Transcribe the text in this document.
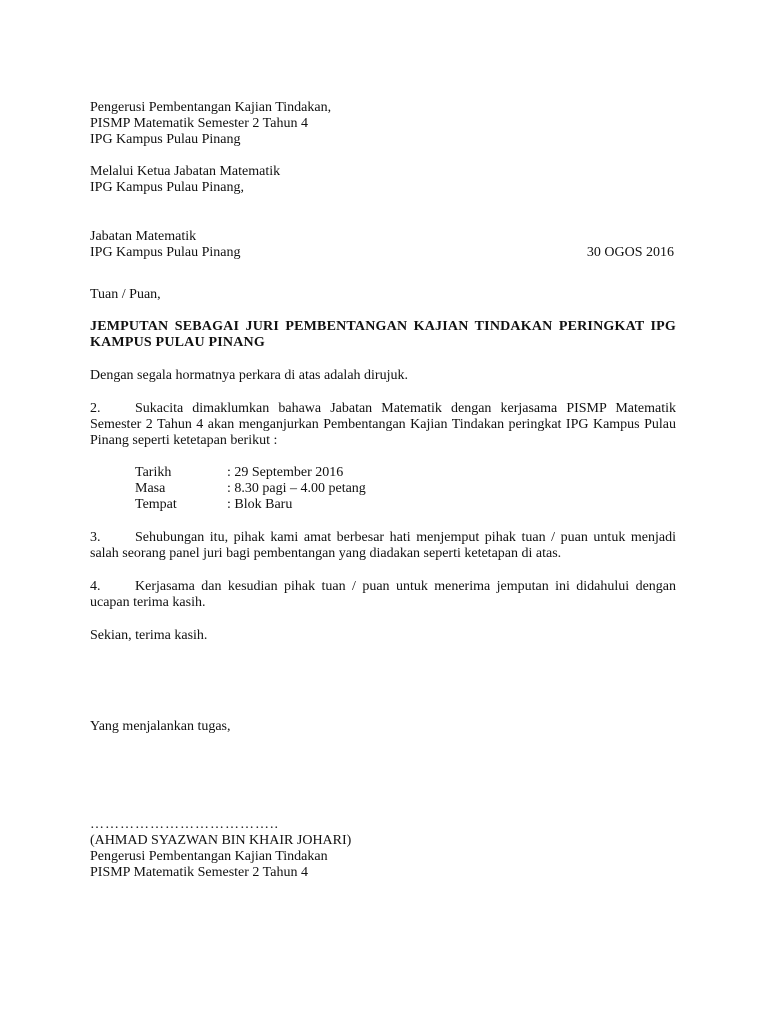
Pengerusi Pembentangan Kajian Tindakan,
PISMP Matematik Semester 2 Tahun 4
IPG Kampus Pulau Pinang
Melalui Ketua Jabatan Matematik
IPG Kampus Pulau Pinang,
Jabatan Matematik
IPG Kampus Pulau Pinang	30 OGOS 2016
Tuan / Puan,

JEMPUTAN SEBAGAI JURI PEMBENTANGAN KAJIAN TINDAKAN PERINGKAT IPG KAMPUS PULAU PINANG

Dengan segala hormatnya perkara di atas adalah dirujuk.

2. Sukacita dimaklumkan bahawa Jabatan Matematik dengan kerjasama PISMP Matematik Semester 2 Tahun 4 akan menganjurkan Pembentangan Kajian Tindakan peringkat IPG Kampus Pulau Pinang seperti ketetapan berikut :

Tarikh	: 29 September 2016
Masa	: 8.30 pagi – 4.00 petang
Tempat	: Blok Baru

3. Sehubungan itu, pihak kami amat berbesar hati menjemput pihak tuan / puan untuk menjadi salah seorang panel juri bagi pembentangan yang diadakan seperti ketetapan di atas.

4. Kerjasama dan kesudian pihak tuan / puan untuk menerima jemputan ini didahului dengan ucapan terima kasih.

Sekian, terima kasih.

Yang menjalankan tugas,

………………………………..
(AHMAD SYAZWAN BIN KHAIR JOHARI)
Pengerusi Pembentangan Kajian Tindakan
PISMP Matematik Semester 2 Tahun 4
